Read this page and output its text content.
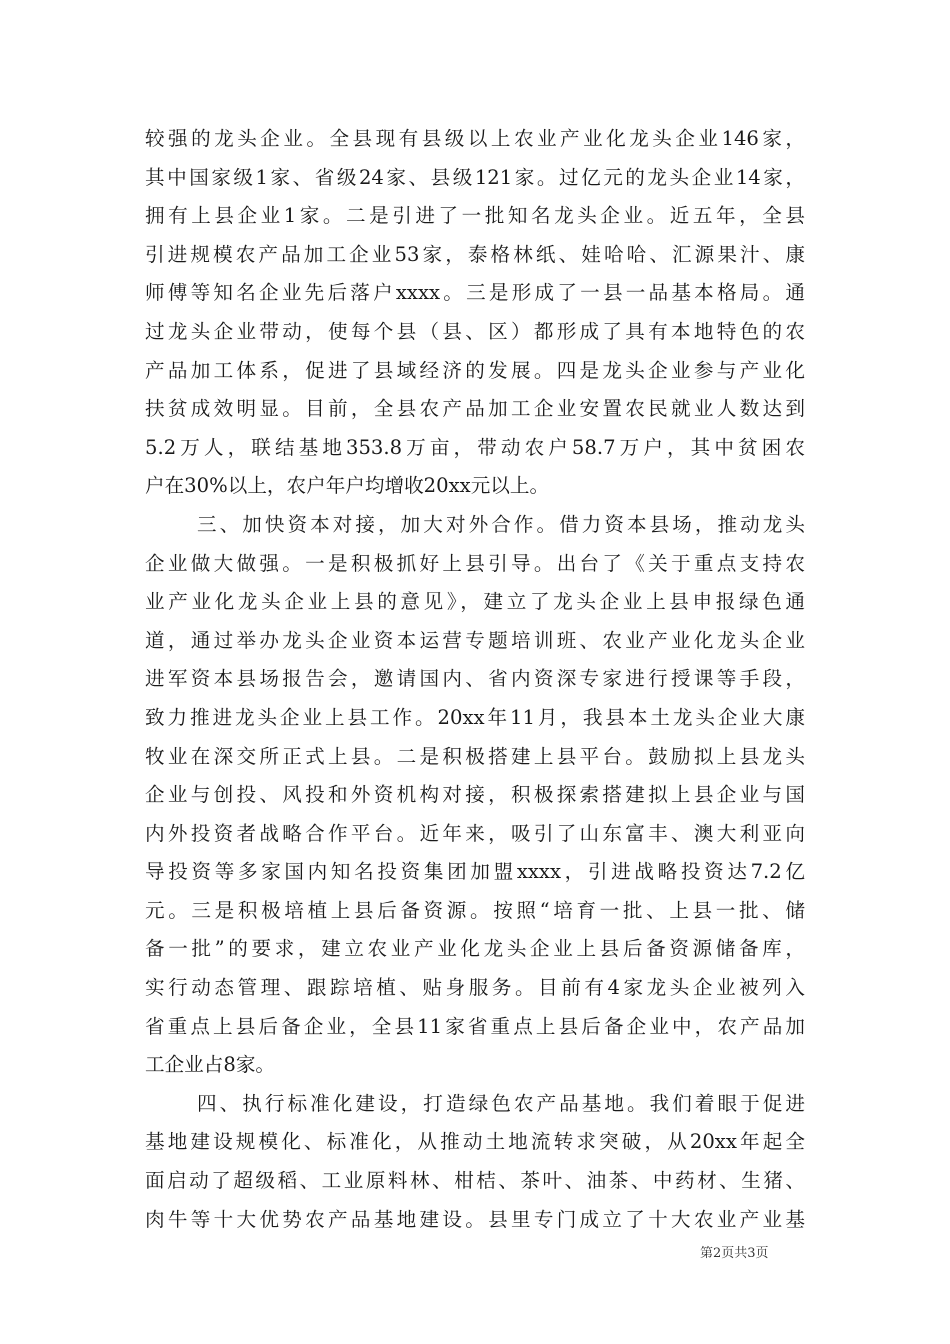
较强的龙头企业。全县现有县级以上农业产业化龙头企业146家，
其中国家级1家、省级24家、县级121家。过亿元的龙头企业14家，
拥有上县企业1家。二是引进了一批知名龙头企业。近五年，全县
引进规模农产品加工企业53家，泰格林纸、娃哈哈、汇源果汁、康
师傅等知名企业先后落户xxxx。三是形成了一县一品基本格局。通
过龙头企业带动，使每个县（县、区）都形成了具有本地特色的农
产品加工体系，促进了县域经济的发展。四是龙头企业参与产业化
扶贫成效明显。目前，全县农产品加工企业安置农民就业人数达到
5.2万人，联结基地353.8万亩，带动农户58.7万户，其中贫困农
户在30%以上，农户年户均增收20xx元以上。
三、加快资本对接，加大对外合作。借力资本县场，推动龙头
企业做大做强。一是积极抓好上县引导。出台了《关于重点支持农
业产业化龙头企业上县的意见》，建立了龙头企业上县申报绿色通
道，通过举办龙头企业资本运营专题培训班、农业产业化龙头企业
进军资本县场报告会，邀请国内、省内资深专家进行授课等手段，
致力推进龙头企业上县工作。20xx年11月，我县本土龙头企业大康
牧业在深交所正式上县。二是积极搭建上县平台。鼓励拟上县龙头
企业与创投、风投和外资机构对接，积极探索搭建拟上县企业与国
内外投资者战略合作平台。近年来，吸引了山东富丰、澳大利亚向
导投资等多家国内知名投资集团加盟xxxx，引进战略投资达7.2亿
元。三是积极培植上县后备资源。按照“培育一批、上县一批、储
备一批”的要求，建立农业产业化龙头企业上县后备资源储备库，
实行动态管理、跟踪培植、贴身服务。目前有4家龙头企业被列入
省重点上县后备企业，全县11家省重点上县后备企业中，农产品加
工企业占8家。
四、执行标准化建设，打造绿色农产品基地。我们着眼于促进
基地建设规模化、标准化，从推动土地流转求突破，从20xx年起全
面启动了超级稻、工业原料林、柑桔、茶叶、油茶、中药材、生猪、
肉牛等十大优势农产品基地建设。县里专门成立了十大农业产业基
第2页共3页
